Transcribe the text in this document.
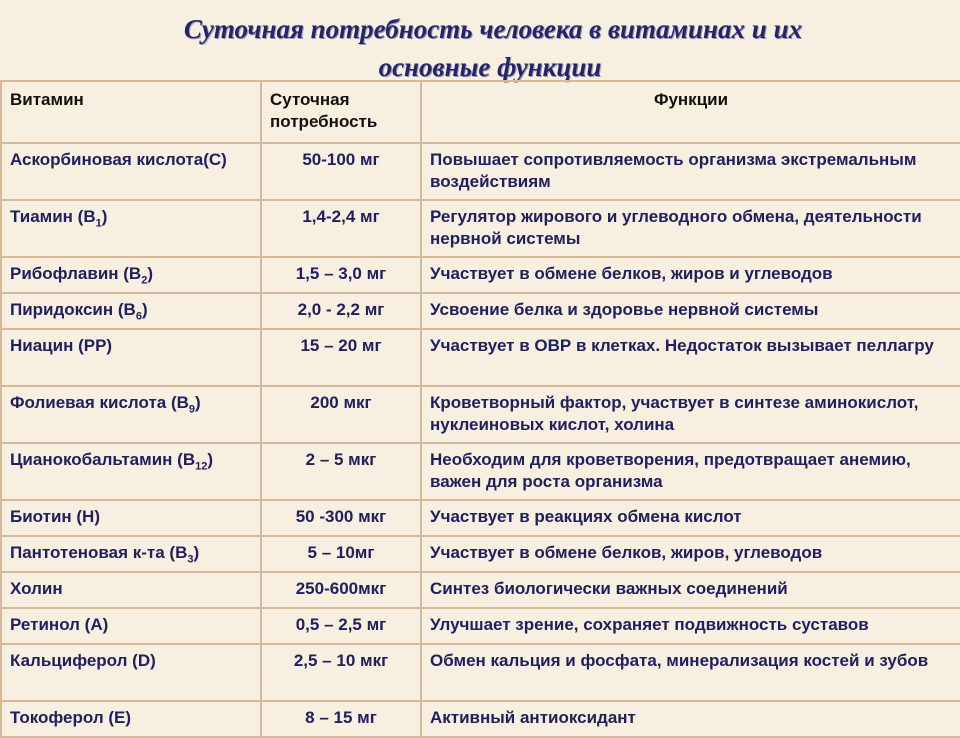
Суточная потребность человека в витаминах и их
основные функции
Витамин	Суточная потребность	Функции
Аскорбиновая кислота(С)	50-100 мг	Повышает сопротивляемость организма экстремальным воздействиям
Тиамин $(В_1)$	1,4-2,4 мг	Регулятор жирового и углеводного обмена, деятельности нервной системы
Рибофлавин $(В_2)$	1,5 – 3,0 мг	Участвует в обмене белков, жиров и углеводов
Пиридоксин $(В_6)$	2,0 - 2,2 мг	Усвоение белка и здоровье нервной системы
Ниацин (РР)	15 – 20 мг	Участвует в ОВР в клетках. Недостаток вызывает пеллагру
Фолиевая кислота $(В_9)$	200 мкг	Кроветворный фактор, участвует в синтезе аминокислот, нуклеиновых кислот, холина
Цианокобальтамин $(В_{12})$	2 – 5 мкг	Необходим для кроветворения, предотвращает анемию, важен для роста организма
Биотин (Н)	50 -300 мкг	Участвует в реакциях обмена кислот
Пантотеновая к-та $(В_3)$	5 – 10мг	Участвует в обмене белков, жиров, углеводов
Холин	250-600мкг	Синтез биологически важных соединений
Ретинол (А)	0,5 – 2,5 мг	Улучшает зрение, сохраняет подвижность суставов
Кальциферол (D)	2,5 – 10 мкг	Обмен кальция и фосфата, минерализация костей и зубов
Токоферол (Е)	8 – 15 мг	Активный антиоксидант
